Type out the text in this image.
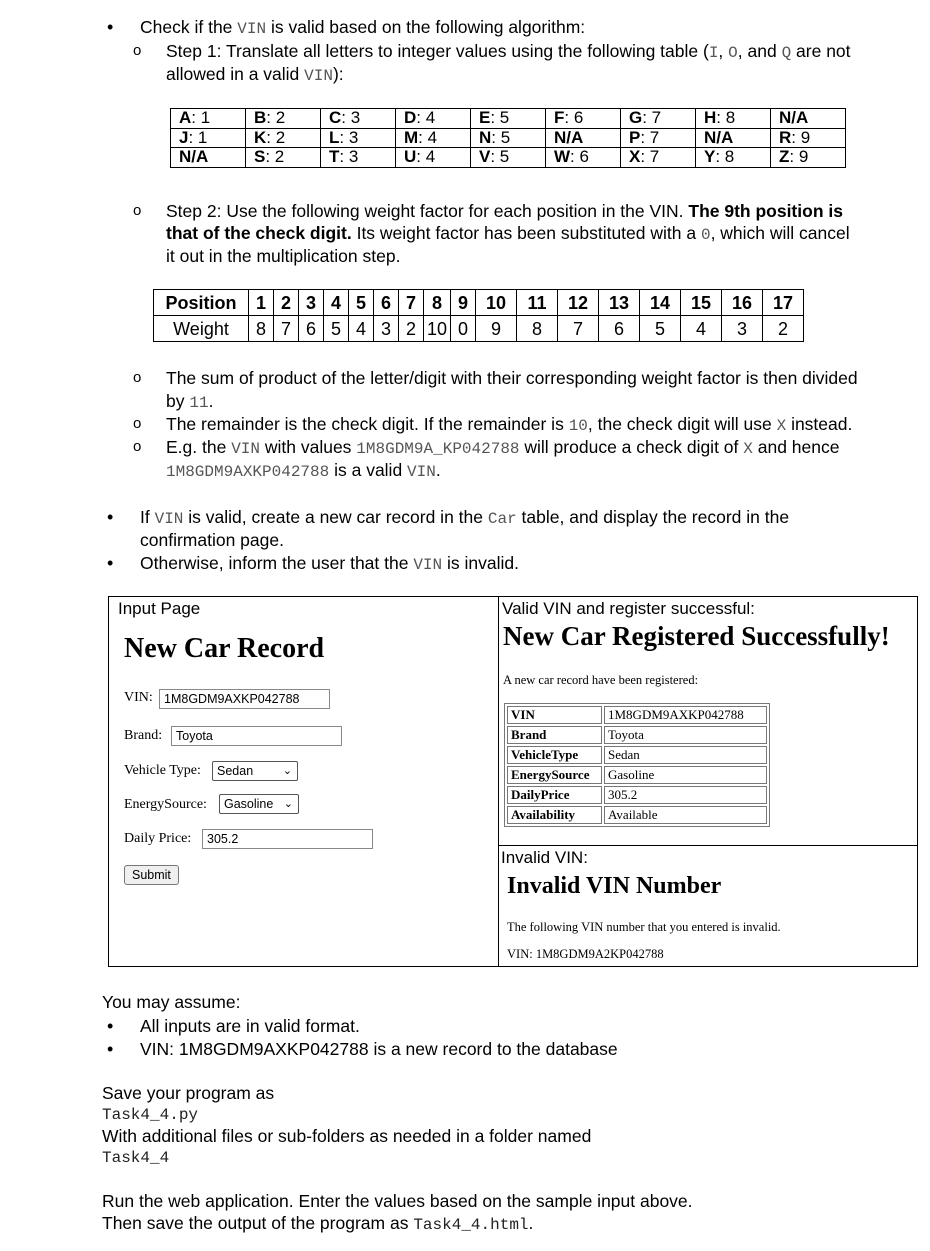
• Check if the VIN is valid based on the following algorithm:
o Step 1: Translate all letters to integer values using the following table (I, O, and Q are not
allowed in a valid VIN):
A: 1	B: 2	C: 3	D: 4	E: 5	F: 6	G: 7	H: 8	N/A
J: 1	K: 2	L: 3	M: 4	N: 5	N/A	P: 7	N/A	R: 9
N/A	S: 2	T: 3	U: 4	V: 5	W: 6	X: 7	Y: 8	Z: 9
o Step 2: Use the following weight factor for each position in the VIN. The 9th position is
that of the check digit. Its weight factor has been substituted with a 0, which will cancel
it out in the multiplication step.
Position	1	2	3	4	5	6	7	8	9	10	11	12	13	14	15	16	17
Weight	8	7	6	5	4	3	2	10	0	9	8	7	6	5	4	3	2
o The sum of product of the letter/digit with their corresponding weight factor is then divided
by 11.
o The remainder is the check digit. If the remainder is 10, the check digit will use X instead.
o E.g. the VIN with values 1M8GDM9A_KP042788 will produce a check digit of X and hence
1M8GDM9AXKP042788 is a valid VIN.
• If VIN is valid, create a new car record in the Car table, and display the record in the
confirmation page.
• Otherwise, inform the user that the VIN is invalid.
Input Page
New Car Record
VIN: 1M8GDM9AXKP042788
Brand:	Toyota
Vehicle Type:	Sedan	⌄
EnergySource:	Gasoline ⌄
Daily Price:	305.2
Submit
Valid VIN and register successful:
New Car Registered Successfully!
A new car record have been registered:
VIN	1M8GDM9AXKP042788
Brand	Toyota
VehicleType	Sedan
EnergySource	Gasoline
DailyPrice	305.2
Availability	Available
Invalid VIN:
Invalid VIN Number
The following VIN number that you entered is invalid.
VIN: 1M8GDM9A2KP042788
You may assume:
• All inputs are in valid format.
• VIN: 1M8GDM9AXKP042788 is a new record to the database
Save your program as
Task4_4.py
With additional files or sub-folders as needed in a folder named
Task4_4
Run the web application. Enter the values based on the sample input above.
Then save the output of the program as Task4_4.html.
